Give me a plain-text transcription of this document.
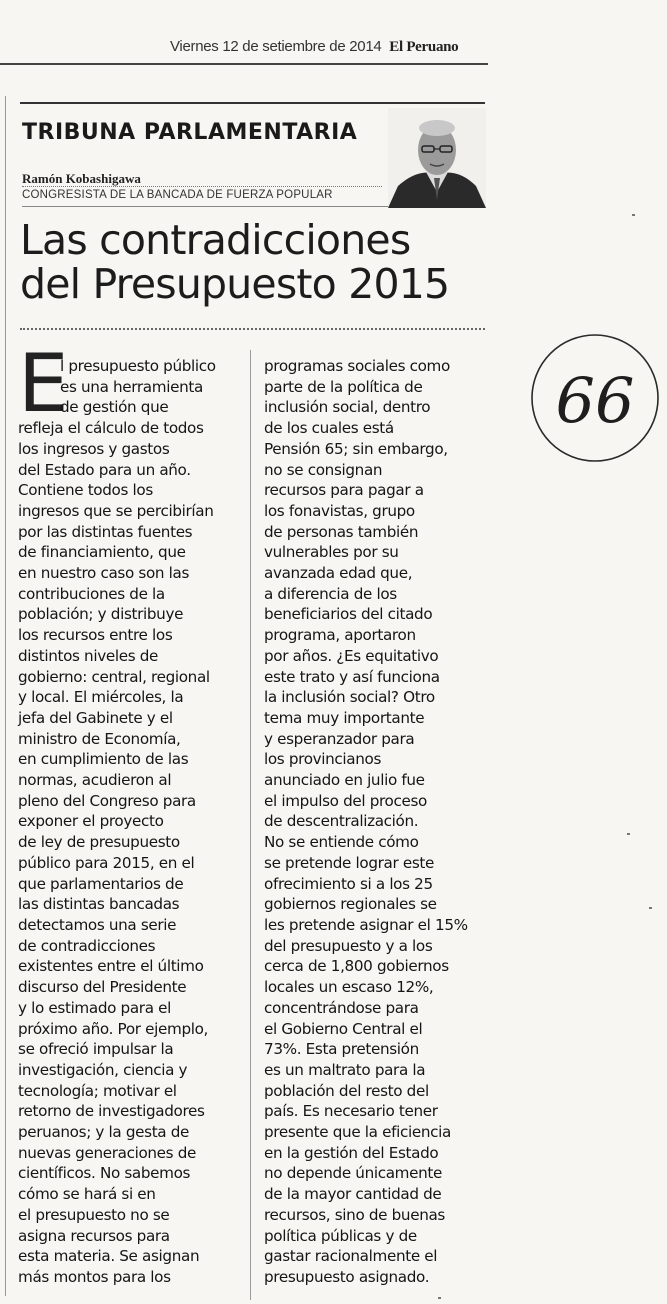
Viernes 12 de setiembre de 2014 El Peruano
TRIBUNA PARLAMENTARIA
Ramón Kobashigawa
CONGRESISTA DE LA BANCADA DE FUERZA POPULAR
Las contradicciones
del Presupuesto 2015
E
l presupuesto público
es una herramienta
de gestión que
refleja el cálculo de todos
los ingresos y gastos
del Estado para un año.
Contiene todos los
ingresos que se percibirían
por las distintas fuentes
de financiamiento, que
en nuestro caso son las
contribuciones de la
población; y distribuye
los recursos entre los
distintos niveles de
gobierno: central, regional
y local. El miércoles, la
jefa del Gabinete y el
ministro de Economía,
en cumplimiento de las
normas, acudieron al
pleno del Congreso para
exponer el proyecto
de ley de presupuesto
público para 2015, en el
que parlamentarios de
las distintas bancadas
detectamos una serie
de contradicciones
existentes entre el último
discurso del Presidente
y lo estimado para el
próximo año. Por ejemplo,
se ofreció impulsar la
investigación, ciencia y
tecnología; motivar el
retorno de investigadores
peruanos; y la gesta de
nuevas generaciones de
científicos. No sabemos
cómo se hará si en
el presupuesto no se
asigna recursos para
esta materia. Se asignan
más montos para los
programas sociales como
parte de la política de
inclusión social, dentro
de los cuales está
Pensión 65; sin embargo,
no se consignan
recursos para pagar a
los fonavistas, grupo
de personas también
vulnerables por su
avanzada edad que,
a diferencia de los
beneficiarios del citado
programa, aportaron
por años. ¿Es equitativo
este trato y así funciona
la inclusión social? Otro
tema muy importante
y esperanzador para
los provincianos
anunciado en julio fue
el impulso del proceso
de descentralización.
No se entiende cómo
se pretende lograr este
ofrecimiento si a los 25
gobiernos regionales se
les pretende asignar el 15%
del presupuesto y a los
cerca de 1,800 gobiernos
locales un escaso 12%,
concentrándose para
el Gobierno Central el
73%. Esta pretensión
es un maltrato para la
población del resto del
país. Es necesario tener
presente que la eficiencia
en la gestión del Estado
no depende únicamente
de la mayor cantidad de
recursos, sino de buenas
política públicas y de
gastar racionalmente el
presupuesto asignado.
66
